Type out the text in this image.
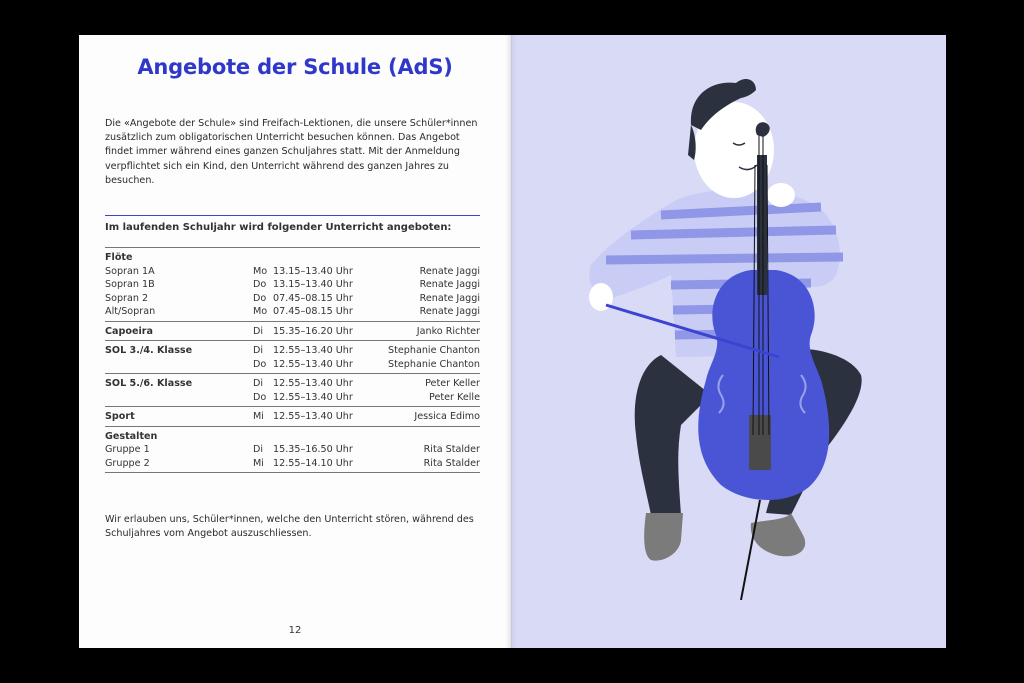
Angebote der Schule (AdS)
Die «Angebote der Schule» sind Freifach-Lektionen, die unsere Schüler*innen zusätzlich zum obligatorischen Unterricht besuchen können. Das Angebot findet immer während eines ganzen Schuljahres statt. Mit der Anmeldung verpflichtet sich ein Kind, den Unterricht während des ganzen Jahres zu besuchen.
Im laufenden Schuljahr wird folgender Unterricht angeboten:
Flöte
Sopran 1A	Mo 13.15–13.40 Uhr	Renate Jaggi
Sopran 1B	Do 13.15–13.40 Uhr	Renate Jaggi
Sopran 2	Do 07.45–08.15 Uhr	Renate Jaggi
Alt/Sopran	Mo 07.45–08.15 Uhr	Renate Jaggi
Capoeira	Di 15.35–16.20 Uhr	Janko Richter
SOL 3./4. Klasse	Di 12.55–13.40 Uhr	Stephanie Chanton
Do 12.55–13.40 Uhr	Stephanie Chanton
SOL 5./6. Klasse	Di 12.55–13.40 Uhr	Peter Keller
Do 12.55–13.40 Uhr	Peter Kelle
Sport	Mi 12.55–13.40 Uhr	Jessica Edimo
Gestalten
Gruppe 1	Di 15.35–16.50 Uhr	Rita Stalder
Gruppe 2	Mi 12.55–14.10 Uhr	Rita Stalder
Wir erlauben uns, Schüler*innen, welche den Unterricht stören, während des Schuljahres vom Angebot auszuschliessen.
12
